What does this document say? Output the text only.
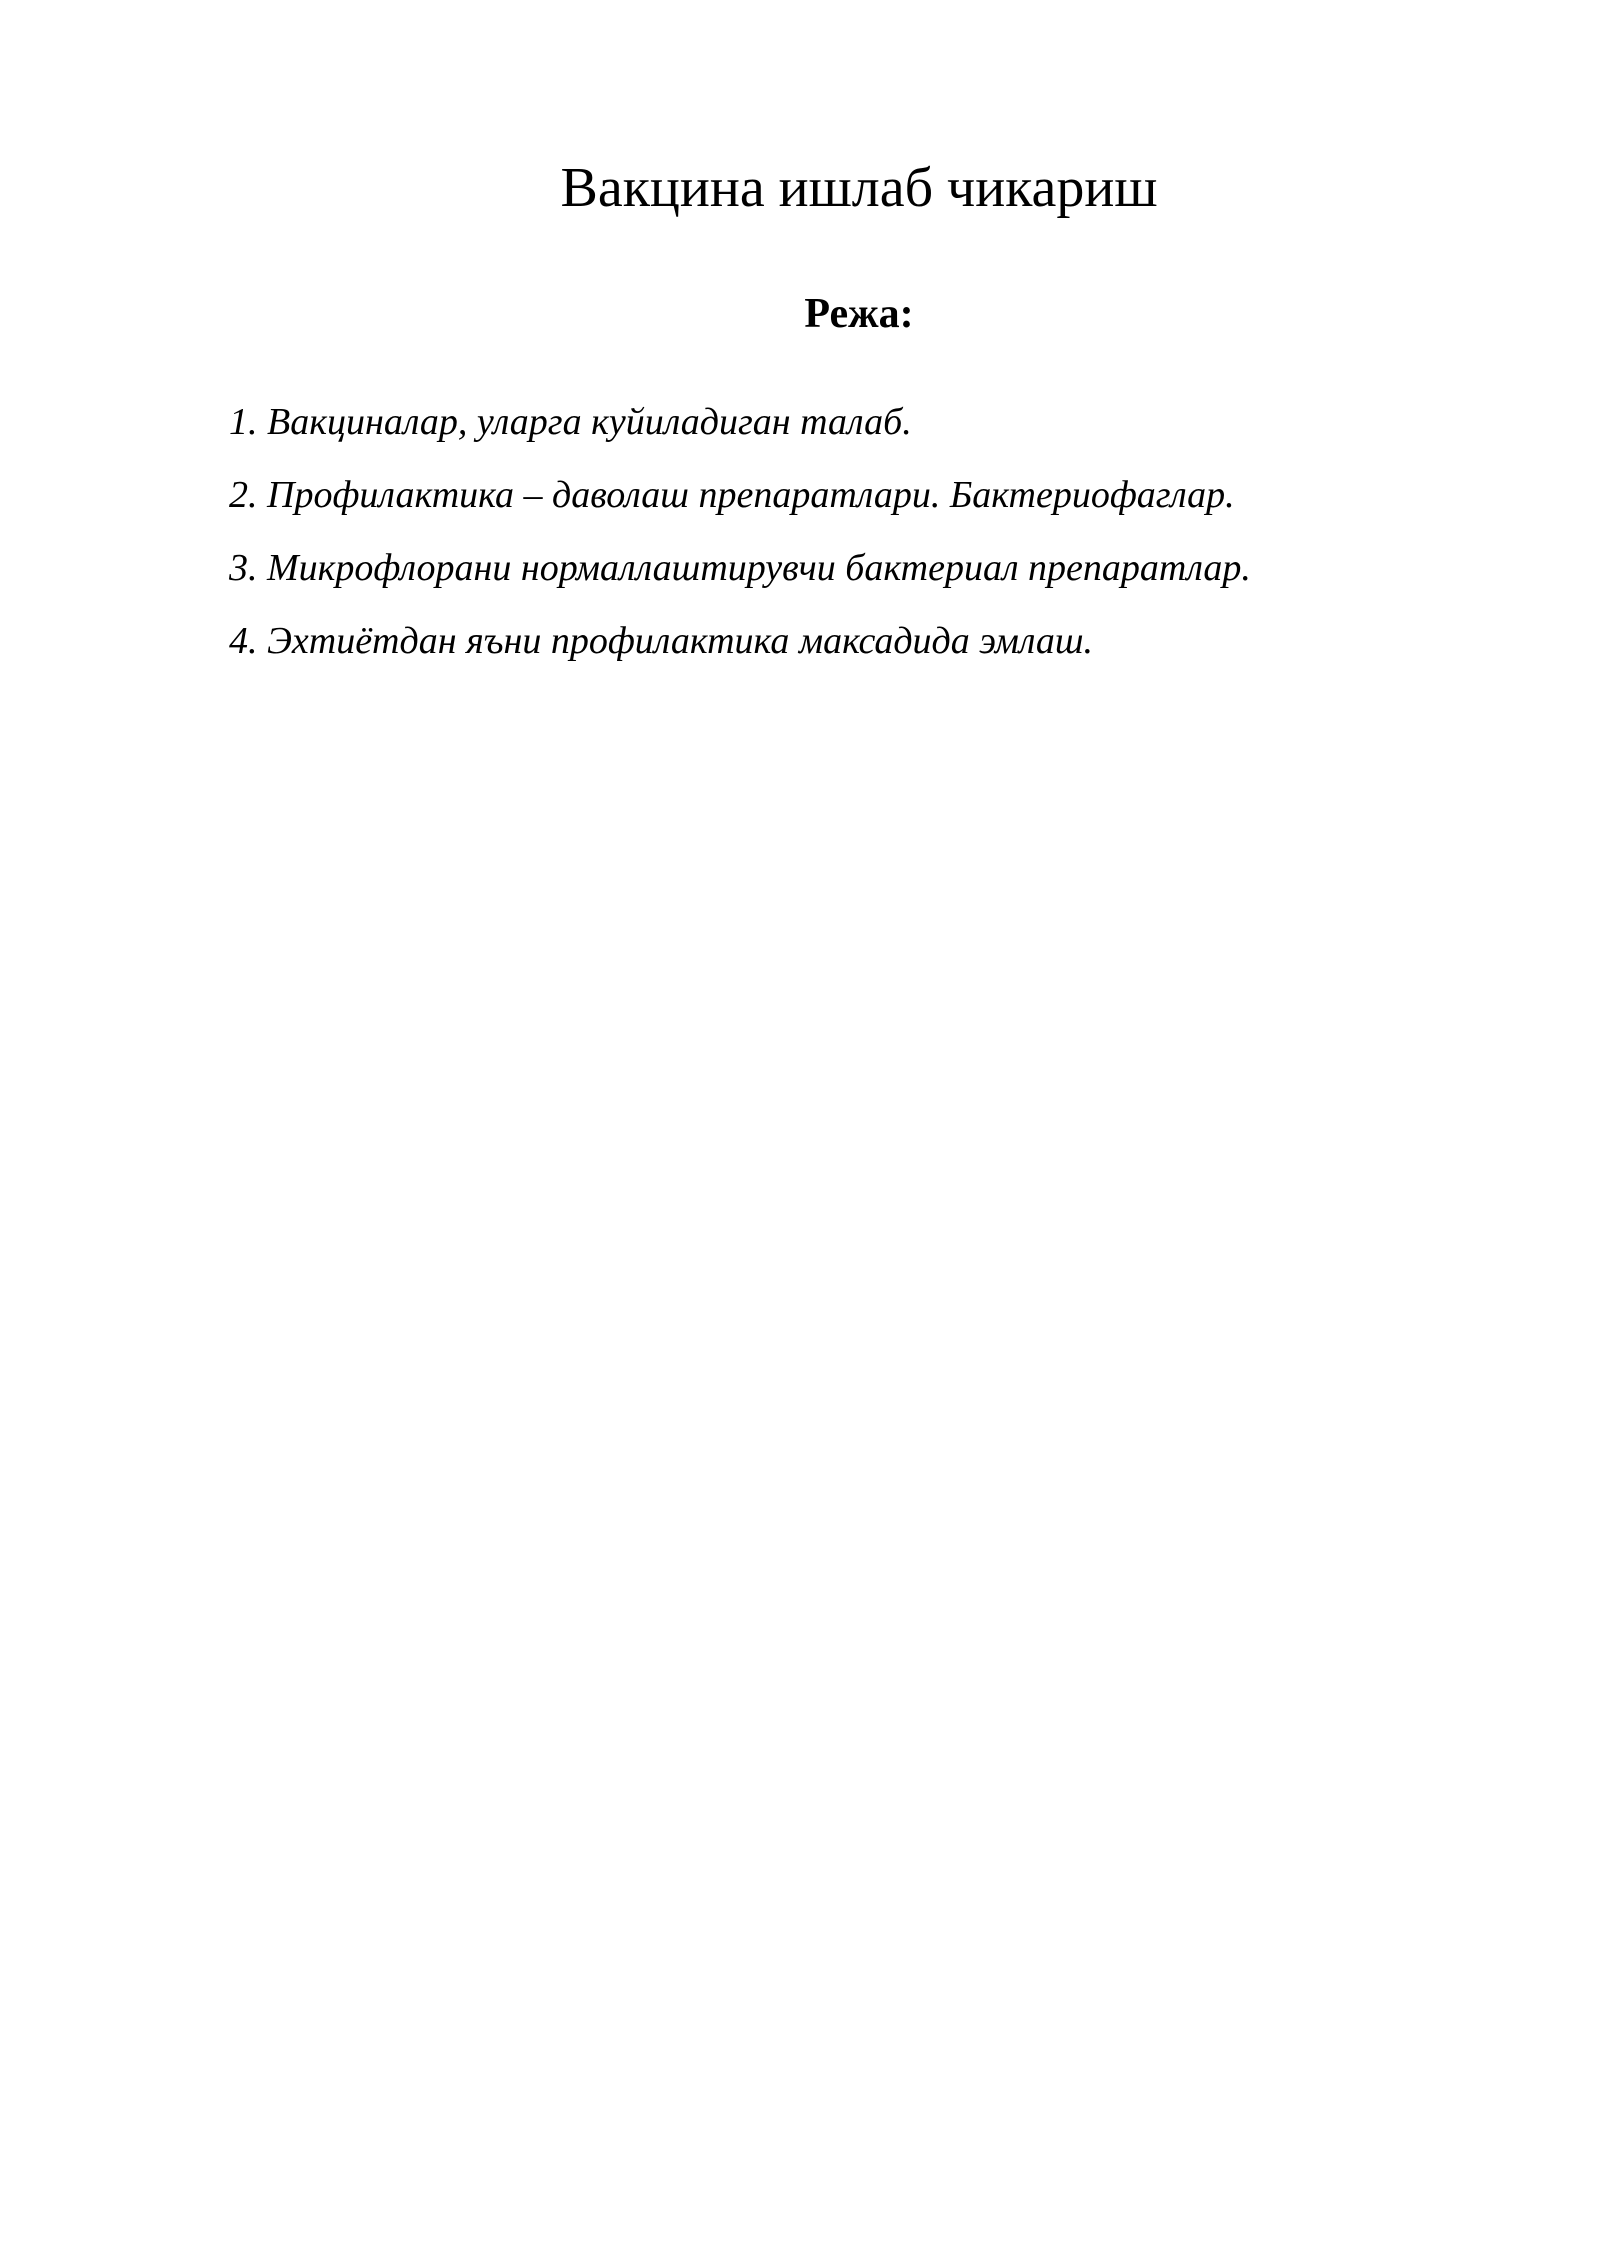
Вакцина ишлаб чикариш
Режа:
1. Вакциналар, уларга куйиладиган талаб.
2. Профилактика – даволаш препаратлари. Бактериофаглар.
3. Микрофлорани нормаллаштирувчи бактериал препаратлар.
4. Эхтиётдан яъни профилактика максадида эмлаш.
